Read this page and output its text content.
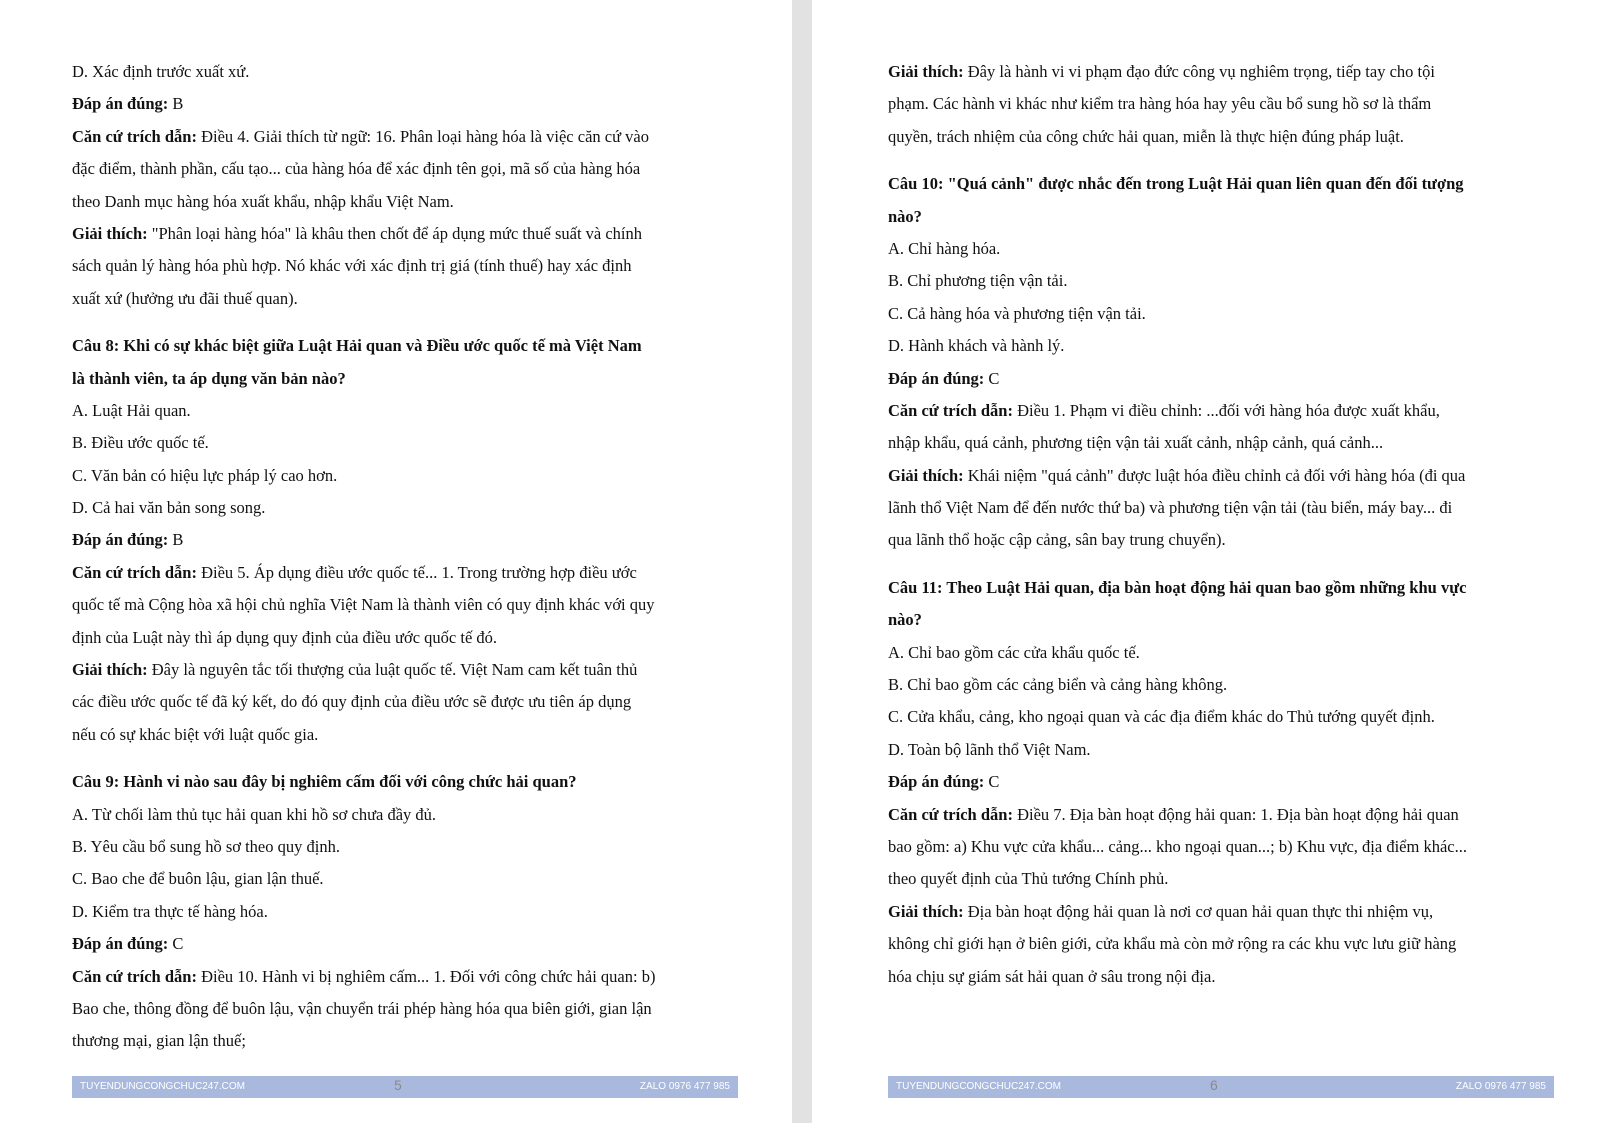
D. Xác định trước xuất xứ.
Đáp án đúng: B
Căn cứ trích dẫn: Điều 4. Giải thích từ ngữ: 16. Phân loại hàng hóa là việc căn cứ vào
đặc điểm, thành phần, cấu tạo... của hàng hóa để xác định tên gọi, mã số của hàng hóa
theo Danh mục hàng hóa xuất khẩu, nhập khẩu Việt Nam.
Giải thích: "Phân loại hàng hóa" là khâu then chốt để áp dụng mức thuế suất và chính
sách quản lý hàng hóa phù hợp. Nó khác với xác định trị giá (tính thuế) hay xác định
xuất xứ (hưởng ưu đãi thuế quan).
Câu 8: Khi có sự khác biệt giữa Luật Hải quan và Điều ước quốc tế mà Việt Nam
là thành viên, ta áp dụng văn bản nào?
A. Luật Hải quan.
B. Điều ước quốc tế.
C. Văn bản có hiệu lực pháp lý cao hơn.
D. Cả hai văn bản song song.
Đáp án đúng: B
Căn cứ trích dẫn: Điều 5. Áp dụng điều ước quốc tế... 1. Trong trường hợp điều ước
quốc tế mà Cộng hòa xã hội chủ nghĩa Việt Nam là thành viên có quy định khác với quy
định của Luật này thì áp dụng quy định của điều ước quốc tế đó.
Giải thích: Đây là nguyên tắc tối thượng của luật quốc tế. Việt Nam cam kết tuân thủ
các điều ước quốc tế đã ký kết, do đó quy định của điều ước sẽ được ưu tiên áp dụng
nếu có sự khác biệt với luật quốc gia.
Câu 9: Hành vi nào sau đây bị nghiêm cấm đối với công chức hải quan?
A. Từ chối làm thủ tục hải quan khi hồ sơ chưa đầy đủ.
B. Yêu cầu bổ sung hồ sơ theo quy định.
C. Bao che để buôn lậu, gian lận thuế.
D. Kiểm tra thực tế hàng hóa.
Đáp án đúng: C
Căn cứ trích dẫn: Điều 10. Hành vi bị nghiêm cấm... 1. Đối với công chức hải quan: b)
Bao che, thông đồng để buôn lậu, vận chuyển trái phép hàng hóa qua biên giới, gian lận
thương mại, gian lận thuế;
TUYENDUNGCONGCHUC247.COM	5	ZALO 0976 477 985
Giải thích: Đây là hành vi vi phạm đạo đức công vụ nghiêm trọng, tiếp tay cho tội
phạm. Các hành vi khác như kiểm tra hàng hóa hay yêu cầu bổ sung hồ sơ là thẩm
quyền, trách nhiệm của công chức hải quan, miễn là thực hiện đúng pháp luật.
Câu 10: "Quá cảnh" được nhắc đến trong Luật Hải quan liên quan đến đối tượng
nào?
A. Chỉ hàng hóa.
B. Chỉ phương tiện vận tải.
C. Cả hàng hóa và phương tiện vận tải.
D. Hành khách và hành lý.
Đáp án đúng: C
Căn cứ trích dẫn: Điều 1. Phạm vi điều chỉnh: ...đối với hàng hóa được xuất khẩu,
nhập khẩu, quá cảnh, phương tiện vận tải xuất cảnh, nhập cảnh, quá cảnh...
Giải thích: Khái niệm "quá cảnh" được luật hóa điều chỉnh cả đối với hàng hóa (đi qua
lãnh thổ Việt Nam để đến nước thứ ba) và phương tiện vận tải (tàu biển, máy bay... đi
qua lãnh thổ hoặc cập cảng, sân bay trung chuyển).
Câu 11: Theo Luật Hải quan, địa bàn hoạt động hải quan bao gồm những khu vực
nào?
A. Chỉ bao gồm các cửa khẩu quốc tế.
B. Chỉ bao gồm các cảng biển và cảng hàng không.
C. Cửa khẩu, cảng, kho ngoại quan và các địa điểm khác do Thủ tướng quyết định.
D. Toàn bộ lãnh thổ Việt Nam.
Đáp án đúng: C
Căn cứ trích dẫn: Điều 7. Địa bàn hoạt động hải quan: 1. Địa bàn hoạt động hải quan
bao gồm: a) Khu vực cửa khẩu... cảng... kho ngoại quan...; b) Khu vực, địa điểm khác...
theo quyết định của Thủ tướng Chính phủ.
Giải thích: Địa bàn hoạt động hải quan là nơi cơ quan hải quan thực thi nhiệm vụ,
không chỉ giới hạn ở biên giới, cửa khẩu mà còn mở rộng ra các khu vực lưu giữ hàng
hóa chịu sự giám sát hải quan ở sâu trong nội địa.
TUYENDUNGCONGCHUC247.COM	6	ZALO 0976 477 985
